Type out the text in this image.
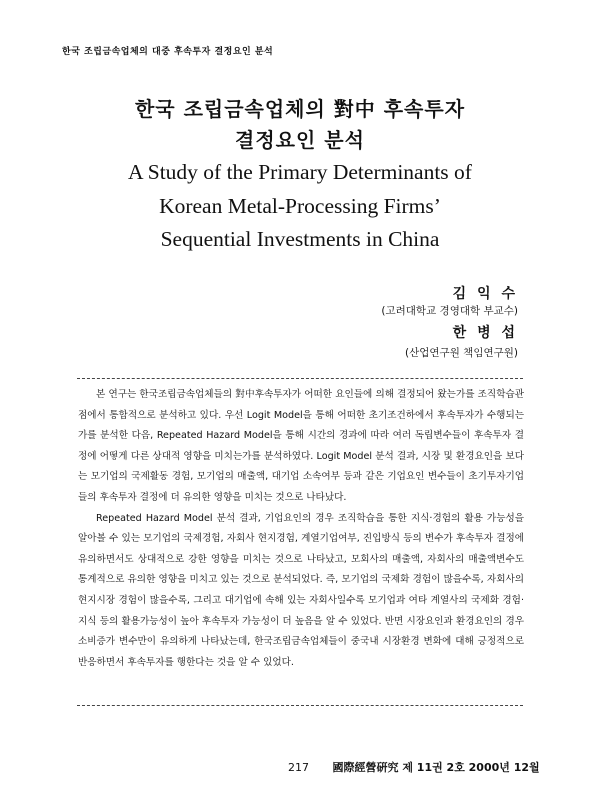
한국 조립금속업체의 대중 후속투자 결정요인 분석
한국 조립금속업체의 對中 후속투자
결정요인 분석
A Study of the Primary Determinants of
Korean Metal-Processing Firms’
Sequential Investments in China
김 익 수
(고려대학교 경영대학 부교수)
한 병 섭
(산업연구원 책임연구원)

본 연구는 한국조립금속업체들의 對中후속투자가 어떠한 요인들에 의해 결정되어 왔는가를 조직학습관점에서 통합적으로 분석하고 있다. 우선 Logit Model을 통해 어떠한 초기조건하에서 후속투자가 수행되는가를 분석한 다음, Repeated Hazard Model을 통해 시간의 경과에 따라 여러 독립변수들이 후속투자 결정에 어떻게 다른 상대적 영향을 미치는가를 분석하였다. Logit Model 분석 결과, 시장 및 환경요인을 보다는 모기업의 국제활동 경험, 모기업의 매출액, 대기업 소속여부 등과 같은 기업요인 변수들이 초기투자기업들의 후속투자 결정에 더 유의한 영향을 미치는 것으로 나타났다.

Repeated Hazard Model 분석 결과, 기업요인의 경우 조직학습을 통한 지식·경험의 활용 가능성을 알아볼 수 있는 모기업의 국제경험, 자회사 현지경험, 계열기업여부, 진입방식 등의 변수가 후속투자 결정에 유의하면서도 상대적으로 강한 영향을 미치는 것으로 나타났고, 모회사의 매출액, 자회사의 매출액변수도 통계적으로 유의한 영향을 미치고 있는 것으로 분석되었다. 즉, 모기업의 국제화 경험이 많을수록, 자회사의 현지시장 경험이 많을수록, 그리고 대기업에 속해 있는 자회사일수록 모기업과 여타 계열사의 국제화 경험·지식 등의 활용가능성이 높아 후속투자 가능성이 더 높음을 알 수 있었다. 반면 시장요인과 환경요인의 경우 소비증가 변수만이 유의하게 나타났는데, 한국조립금속업체들이 중국내 시장환경 변화에 대해 긍정적으로 반응하면서 후속투자를 행한다는 것을 알 수 있었다.

217 國際經營硏究 제 11권 2호 2000년 12월
